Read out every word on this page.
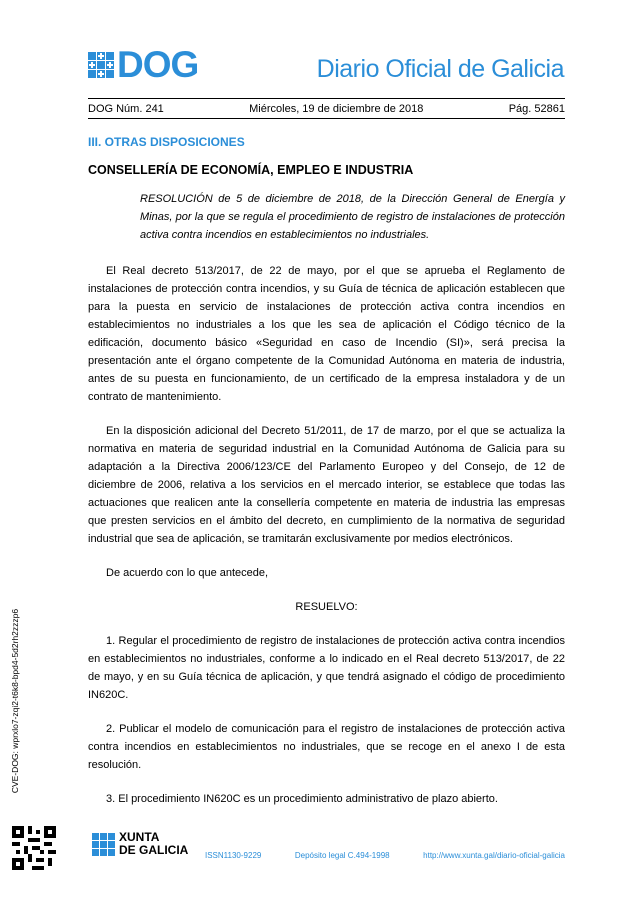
DOG	Diario Oficial de Galicia
DOG Núm. 241	Miércoles, 19 de diciembre de 2018	Pág. 52861
III. OTRAS DISPOSICIONES
CONSELLERÍA DE ECONOMÍA, EMPLEO E INDUSTRIA
RESOLUCIÓN de 5 de diciembre de 2018, de la Dirección General de Energía y Minas, por la que se regula el procedimiento de registro de instalaciones de protección activa contra incendios en establecimientos no industriales.

El Real decreto 513/2017, de 22 de mayo, por el que se aprueba el Reglamento de instalaciones de protección contra incendios, y su Guía de técnica de aplicación establecen que para la puesta en servicio de instalaciones de protección activa contra incendios en establecimientos no industriales a los que les sea de aplicación el Código técnico de la edificación, documento básico «Seguridad en caso de Incendio (SI)», será precisa la presentación ante el órgano competente de la Comunidad Autónoma en materia de industria, antes de su puesta en funcionamiento, de un certificado de la empresa instaladora y de un contrato de mantenimiento.

En la disposición adicional del Decreto 51/2011, de 17 de marzo, por el que se actualiza la normativa en materia de seguridad industrial en la Comunidad Autónoma de Galicia para su adaptación a la Directiva 2006/123/CE del Parlamento Europeo y del Consejo, de 12 de diciembre de 2006, relativa a los servicios en el mercado interior, se establece que todas las actuaciones que realicen ante la consellería competente en materia de industria las empresas que presten servicios en el ámbito del decreto, en cumplimiento de la normativa de seguridad industrial que sea de aplicación, se tramitarán exclusivamente por medios electrónicos.

De acuerdo con lo que antecede,

RESUELVO:

1. Regular el procedimiento de registro de instalaciones de protección activa contra incendios en establecimientos no industriales, conforme a lo indicado en el Real decreto 513/2017, de 22 de mayo, y en su Guía técnica de aplicación, y que tendrá asignado el código de procedimiento IN620C.

2. Publicar el modelo de comunicación para el registro de instalaciones de protección activa contra incendios en establecimientos no industriales, que se recoge en el anexo I de esta resolución.

3. El procedimiento IN620C es un procedimiento administrativo de plazo abierto.

CVE-DOG: wprxlo7-zqi2-t6k8-bpd4-5d2rh2zzzp6
XUNTA
DE GALICIA ISSN1130-9229	Depósito legal C.494-1998	http://www.xunta.gal/diario-oficial-galicia
